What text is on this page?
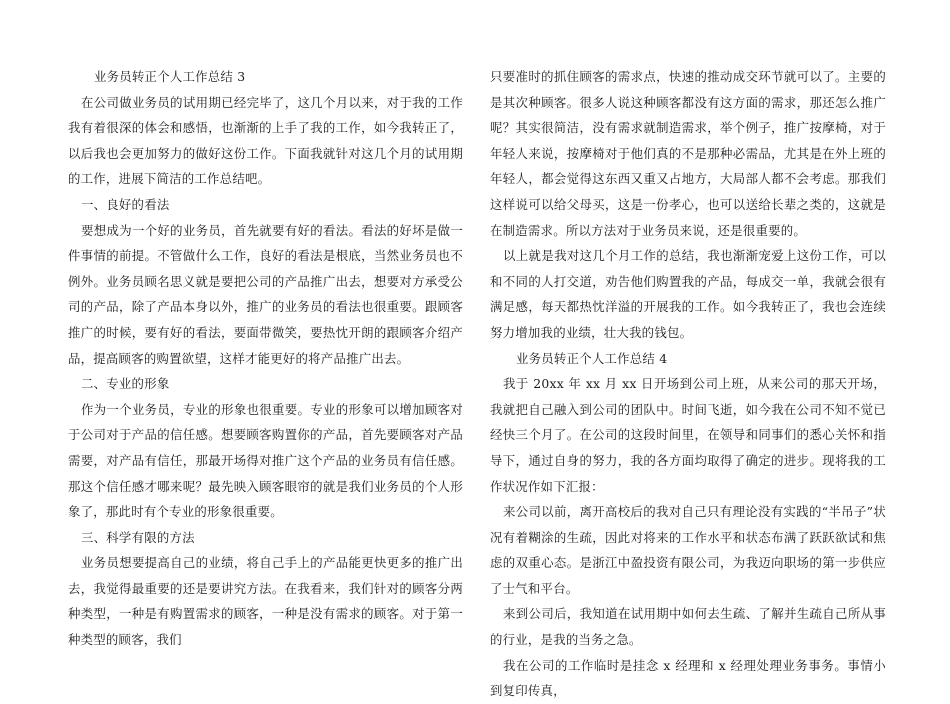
业务员转正个人工作总结 3

在公司做业务员的试用期已经完毕了，这几个月以来，对于我的工作我有着很深的体会和感悟，也渐渐的上手了我的工作，如今我转正了，以后我也会更加努力的做好这份工作。下面我就针对这几个月的试用期的工作，进展下简洁的工作总结吧。

一、良好的看法

要想成为一个好的业务员，首先就要有好的看法。看法的好坏是做一件事情的前提。不管做什么工作，良好的看法是根底，当然业务员也不例外。业务员顾名思义就是要把公司的产品推广出去，想要对方承受公司的产品，除了产品本身以外，推广的业务员的看法也很重要。跟顾客推广的时候，要有好的看法，要面带微笑，要热忱开朗的跟顾客介绍产品，提高顾客的购置欲望，这样才能更好的将产品推广出去。

二、专业的形象

作为一个业务员，专业的形象也很重要。专业的形象可以增加顾客对于公司对于产品的信任感。想要顾客购置你的产品，首先要顾客对产品需要，对产品有信任，那最开场得对推广这个产品的业务员有信任感。那这个信任感才哪来呢？最先映入顾客眼帘的就是我们业务员的个人形象了，那此时有个专业的形象很重要。

三、科学有限的方法

业务员想要提高自己的业绩，将自己手上的产品能更快更多的推广出去，我觉得最重要的还是要讲究方法。在我看来，我们针对的顾客分两种类型，一种是有购置需求的顾客，一种是没有需求的顾客。对于第一种类型的顾客，我们

只要准时的抓住顾客的需求点，快速的推动成交环节就可以了。主要的是其次种顾客。很多人说这种顾客都没有这方面的需求，那还怎么推广呢？其实很简洁，没有需求就制造需求，举个例子，推广按摩椅，对于年轻人来说，按摩椅对于他们真的不是那种必需品，尤其是在外上班的年轻人，都会觉得这东西又重又占地方，大局部人都不会考虑。那我们这样说可以给父母买，这是一份孝心，也可以送给长辈之类的，这就是在制造需求。所以方法对于业务员来说，还是很重要的。

以上就是我对这几个月工作的总结，我也渐渐宠爱上这份工作，可以和不同的人打交道，劝告他们购置我的产品，每成交一单，我就会很有满足感，每天都热忱洋溢的开展我的工作。如今我转正了，我也会连续努力增加我的业绩，壮大我的钱包。

业务员转正个人工作总结 4

我于 20xx 年 xx 月 xx 日开场到公司上班，从来公司的那天开场，我就把自己融入到公司的团队中。时间飞逝，如今我在公司不知不觉已经快三个月了。在公司的这段时间里，在领导和同事们的悉心关怀和指导下，通过自身的努力，我的各方面均取得了确定的进步。现将我的工作状况作如下汇报：

来公司以前，离开高校后的我对自己只有理论没有实践的“半吊子”状况有着糊涂的生疏，因此对将来的工作水平和状态布满了跃跃欲试和焦虑的双重心态。是浙江中盈投资有限公司，为我迈向职场的第一步供应了士气和平台。

来到公司后，我知道在试用期中如何去生疏、了解并生疏自己所从事的行业，是我的当务之急。

我在公司的工作临时是挂念 x 经理和 x 经理处理业务事务。事情小到复印传真，
